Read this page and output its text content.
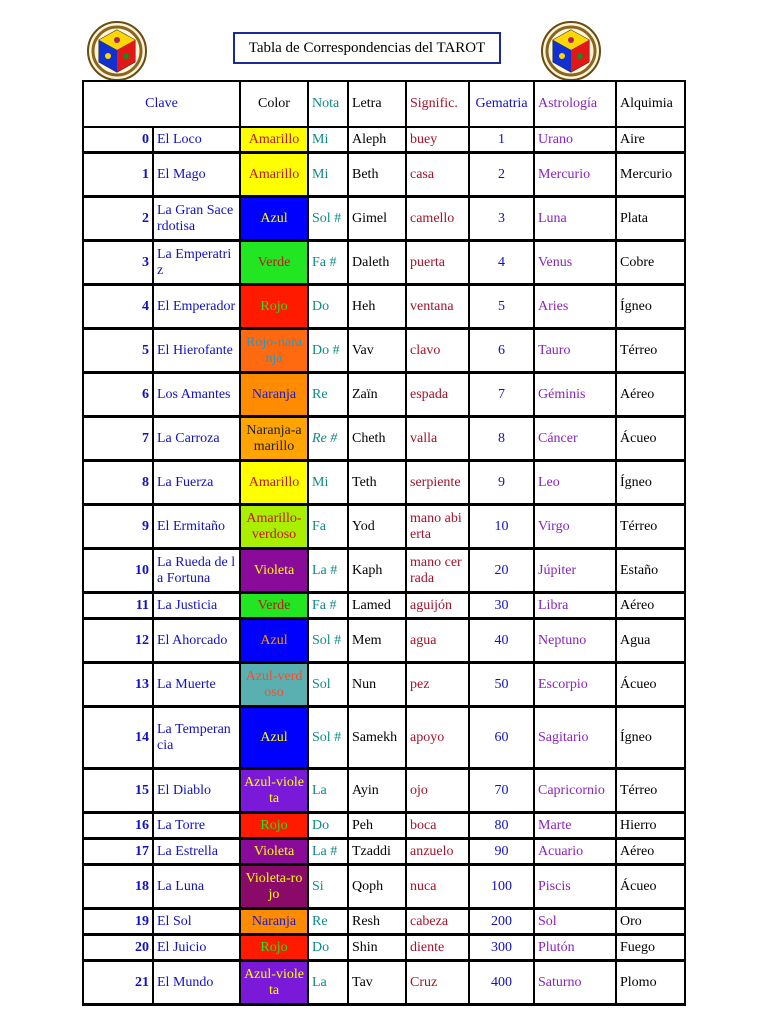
Tabla de Correspondencias del TAROT
Clave		Color	Nota	Letra	Signific.	Gematria	Astrología	Alquimia
0	El Loco	Amarillo	Mi	Aleph	buey	1	Urano	Aire
1	El Mago	Amarillo	Mi	Beth	casa	2	Mercurio	Mercurio
2	La Gran Sacerdotisa	Azul	Sol #	Gimel	camello	3	Luna	Plata
3	La Emperatriz	Verde	Fa #	Daleth	puerta	4	Venus	Cobre
4	El Emperador	Rojo	Do	Heh	ventana	5	Aries	Ígneo
5	El Hierofante	Rojo-naranja	Do #	Vav	clavo	6	Tauro	Térreo
6	Los Amantes	Naranja	Re	Zaïn	espada	7	Géminis	Aéreo
7	La Carroza	Naranja-amarillo	Re #	Cheth	valla	8	Cáncer	Ácueo
8	La Fuerza	Amarillo	Mi	Teth	serpiente	9	Leo	Ígneo
9	El Ermitaño	Amarillo-verdoso	Fa	Yod	mano abierta	10	Virgo	Térreo
10	La Rueda de la Fortuna	Violeta	La #	Kaph	mano cerrada	20	Júpiter	Estaño
11	La Justicia	Verde	Fa #	Lamed	aguijón	30	Libra	Aéreo
12	El Ahorcado	Azul	Sol #	Mem	agua	40	Neptuno	Agua
13	La Muerte	Azul-verdoso	Sol	Nun	pez	50	Escorpio	Ácueo
14	La Temperancia	Azul	Sol #	Samekh	apoyo	60	Sagitario	Ígneo
15	El Diablo	Azul-violeta	La	Ayin	ojo	70	Capricornio	Térreo
16	La Torre	Rojo	Do	Peh	boca	80	Marte	Hierro
17	La Estrella	Violeta	La #	Tzaddi	anzuelo	90	Acuario	Aéreo
18	La Luna	Violeta-rojo	Si	Qoph	nuca	100	Piscis	Ácueo
19	El Sol	Naranja	Re	Resh	cabeza	200	Sol	Oro
20	El Juicio	Rojo	Do	Shin	diente	300	Plutón	Fuego
21	El Mundo	Azul-violeta	La	Tav	Cruz	400	Saturno	Plomo
